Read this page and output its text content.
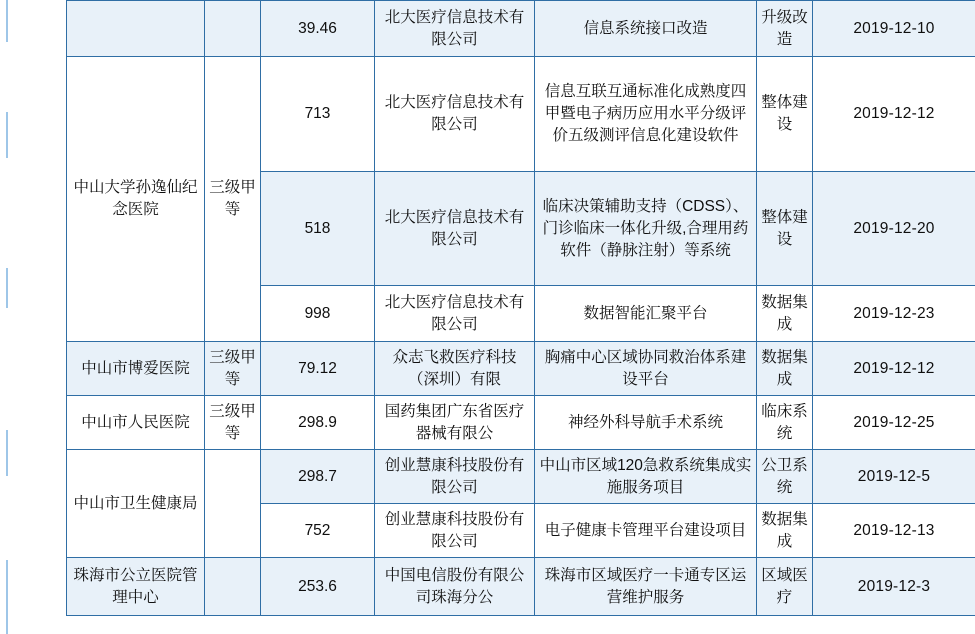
		39.46	北大医疗信息技术有限公司	信息系统接口改造	升级改造	2019-12-10
中山大学孙逸仙纪念医院	三级甲等	713	北大医疗信息技术有限公司	信息互联互通标准化成熟度四甲暨电子病历应用水平分级评价五级测评信息化建设软件	整体建设	2019-12-12
		518	北大医疗信息技术有限公司	临床决策辅助支持（CDSS）、门诊临床一体化升级,合理用药软件（静脉注射）等系统	整体建设	2019-12-20
		998	北大医疗信息技术有限公司	数据智能汇聚平台	数据集成	2019-12-23
中山市博爱医院	三级甲等	79.12	众志飞救医疗科技（深圳）有限	胸痛中心区域协同救治体系建设平台	数据集成	2019-12-12
中山市人民医院	三级甲等	298.9	国药集团广东省医疗器械有限公	神经外科导航手术系统	临床系统	2019-12-25
中山市卫生健康局		298.7	创业慧康科技股份有限公司	中山市区域120急救系统集成实施服务项目	公卫系统	2019-12-5
		752	创业慧康科技股份有限公司	电子健康卡管理平台建设项目	数据集成	2019-12-13
珠海市公立医院管理中心		253.6	中国电信股份有限公司珠海分公	珠海市区域医疗一卡通专区运营维护服务	区域医疗	2019-12-3
